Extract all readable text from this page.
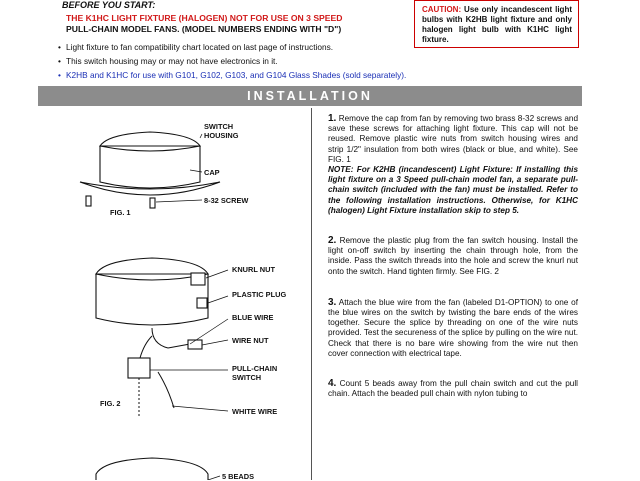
BEFORE YOU START:
THE K1HC LIGHT FIXTURE (HALOGEN) NOT FOR USE ON 3 SPEED
PULL-CHAIN MODEL FANS. (MODEL NUMBERS ENDING WITH "D")
• Light fixture to fan compatibility chart located on last page of instructions.
• This switch housing may or may not have electronics in it.
• K2HB and K1HC for use with G101, G102, G103, and G104 Glass Shades (sold separately).
CAUTION: Use only incandescent light bulbs with K2HB light fixture and only halogen light bulb with K1HC light fixture.
INSTALLATION
SWITCH
HOUSING
CAP
8-32 SCREW
FIG. 1
KNURL NUT
PLASTIC PLUG
BLUE WIRE
WIRE NUT
PULL-CHAIN
SWITCH
FIG. 2
WHITE WIRE
5 BEADS

1. Remove the cap from fan by removing two brass 8-32 screws and save these screws for attaching light fixture. This cap will not be reused. Remove plastic wire nuts from switch housing wires and strip 1/2" insulation from both wires (black or blue, and white). See FIG. 1

NOTE: For K2HB (incandescent) Light Fixture: If installing this light fixture on a 3 Speed pull-chain model fan, a separate pull-chain switch (included with the fan) must be installed. Refer to the following installation instructions. Otherwise, for K1HC (halogen) Light Fixture installation skip to step 5.

2. Remove the plastic plug from the fan switch housing. Install the light on-off switch by inserting the chain through hole, from the inside. Pass the switch threads into the hole and screw the knurl nut onto the switch. Hand tighten firmly. See FIG. 2

3. Attach the blue wire from the fan (labeled D1-OPTION) to one of the blue wires on the switch by twisting the bare ends of the wires together. Secure the splice by threading on one of the wire nuts provided. Test the secureness of the splice by pulling on the wire nut. Check that there is no bare wire showing from the wire nut then cover connection with electrical tape.

4. Count 5 beads away from the pull chain switch and cut the pull chain. Attach the beaded pull chain with nylon tubing to
